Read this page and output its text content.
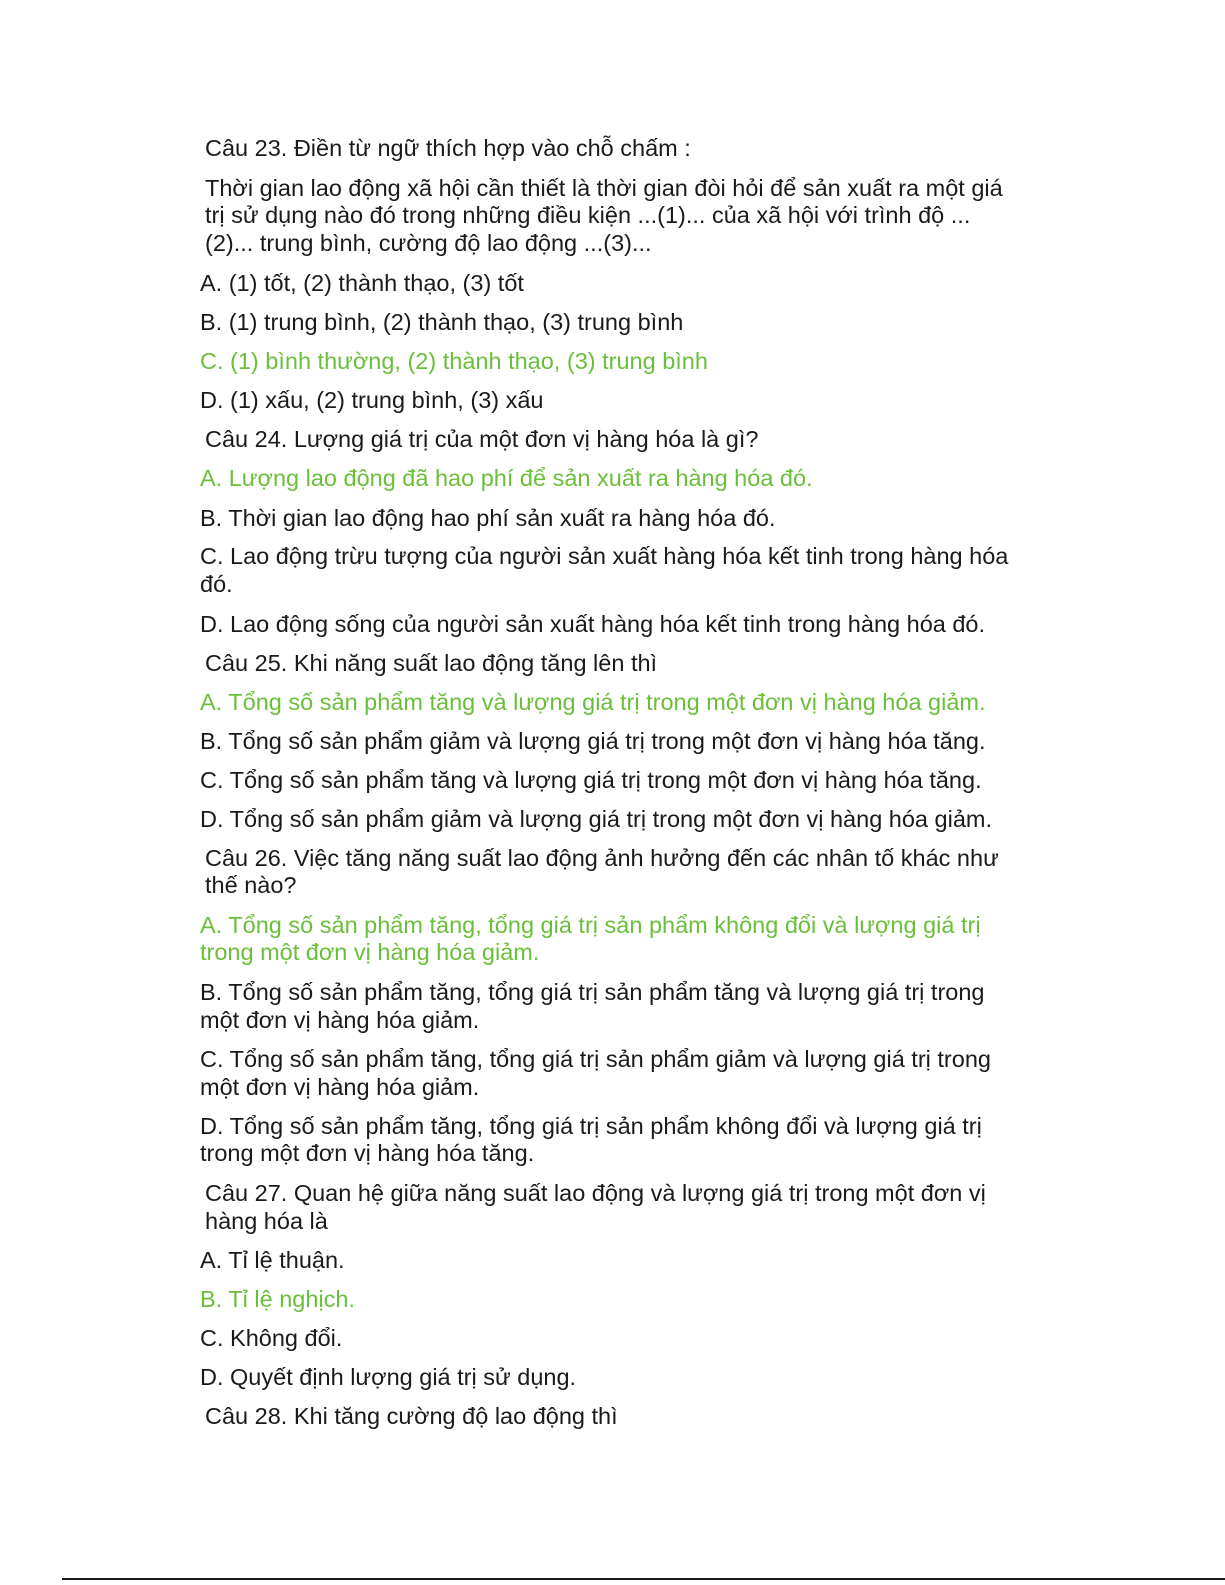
Câu 23. Điền từ ngữ thích hợp vào chỗ chấm :
Thời gian lao động xã hội cần thiết là thời gian đòi hỏi để sản xuất ra một giá
trị sử dụng nào đó trong những điều kiện ...(1)... của xã hội với trình độ ...
(2)... trung bình, cường độ lao động ...(3)...
A. (1) tốt, (2) thành thạo, (3) tốt
B. (1) trung bình, (2) thành thạo, (3) trung bình
C. (1) bình thường, (2) thành thạo, (3) trung bình
D. (1) xấu, (2) trung bình, (3) xấu
Câu 24. Lượng giá trị của một đơn vị hàng hóa là gì?
A. Lượng lao động đã hao phí để sản xuất ra hàng hóa đó.
B. Thời gian lao động hao phí sản xuất ra hàng hóa đó.
C. Lao động trừu tượng của người sản xuất hàng hóa kết tinh trong hàng hóa
đó.
D. Lao động sống của người sản xuất hàng hóa kết tinh trong hàng hóa đó.
Câu 25. Khi năng suất lao động tăng lên thì
A. Tổng số sản phẩm tăng và lượng giá trị trong một đơn vị hàng hóa giảm.
B. Tổng số sản phẩm giảm và lượng giá trị trong một đơn vị hàng hóa tăng.
C. Tổng số sản phẩm tăng và lượng giá trị trong một đơn vị hàng hóa tăng.
D. Tổng số sản phẩm giảm và lượng giá trị trong một đơn vị hàng hóa giảm.
Câu 26. Việc tăng năng suất lao động ảnh hưởng đến các nhân tố khác như
thế nào?
A. Tổng số sản phẩm tăng, tổng giá trị sản phẩm không đổi và lượng giá trị
trong một đơn vị hàng hóa giảm.
B. Tổng số sản phẩm tăng, tổng giá trị sản phẩm tăng và lượng giá trị trong
một đơn vị hàng hóa giảm.
C. Tổng số sản phẩm tăng, tổng giá trị sản phẩm giảm và lượng giá trị trong
một đơn vị hàng hóa giảm.
D. Tổng số sản phẩm tăng, tổng giá trị sản phẩm không đổi và lượng giá trị
trong một đơn vị hàng hóa tăng.
Câu 27. Quan hệ giữa năng suất lao động và lượng giá trị trong một đơn vị
hàng hóa là
A. Tỉ lệ thuận.
B. Tỉ lệ nghịch.
C. Không đổi.
D. Quyết định lượng giá trị sử dụng.
Câu 28. Khi tăng cường độ lao động thì
